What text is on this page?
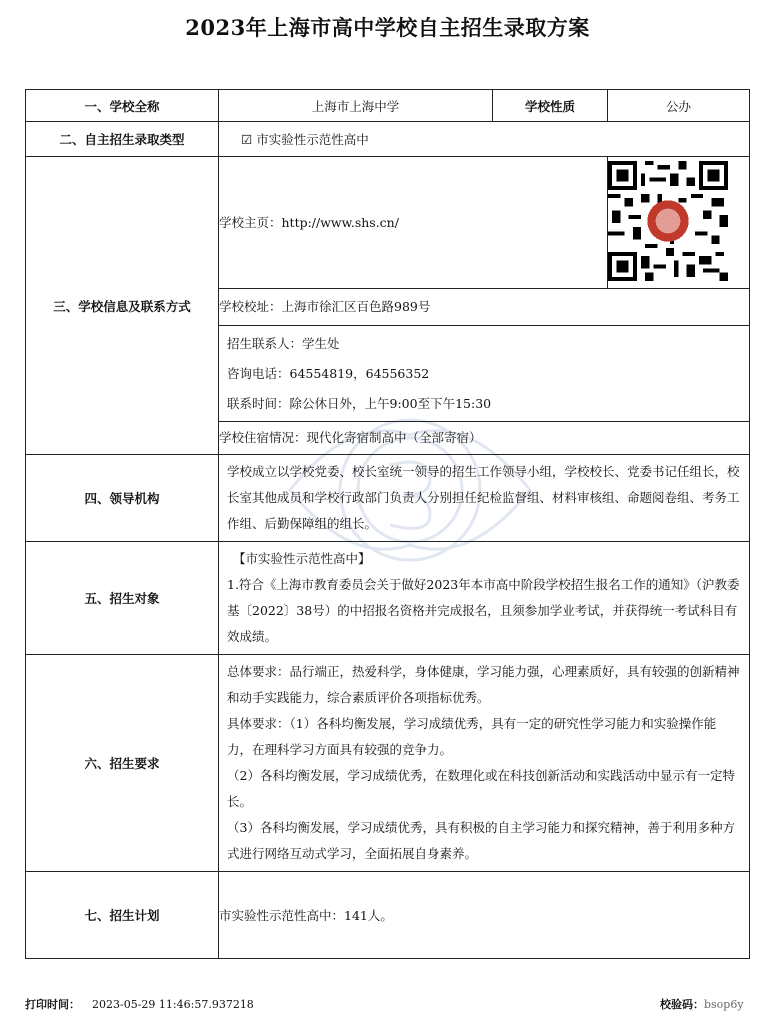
2023年上海市高中学校自主招生录取方案
一、学校全称	上海市上海中学	学校性质	公办
二、自主招生录取类型	☑ 市实验性示范性高中		
三、学校信息及联系方式	学校主页：http://www.shs.cn/	
	学校校址：上海市徐汇区百色路989号		

	招生联系人：学生处
咨询电话：64554819，64556352
联系时间：除公休日外，上午9:00至下午15:30		

	学校住宿情况：现代化寄宿制高中（全部寄宿）		
四、领导机构	学校成立以学校党委、校长室统一领导的招生工作领导小组，学校校长、党委书记任组长，校长室其他成员和学校行政部门负责人分别担任纪检监督组、材料审核组、命题阅卷组、考务工作组、后勤保障组的组长。		

五、招生对象	【市实验性示范性高中】
1.符合《上海市教育委员会关于做好2023年本市高中阶段学校招生报名工作的通知》（沪教委基〔2022〕38号）的中招报名资格并完成报名，且须参加学业考试，并获得统一考试科目有效成绩。		

六、招生要求	总体要求：品行端正，热爱科学，身体健康，学习能力强，心理素质好，具有较强的创新精神和动手实践能力，综合素质评价各项指标优秀。
具体要求：（1）各科均衡发展，学习成绩优秀，具有一定的研究性学习能力和实验操作能力，在理科学习方面具有较强的竞争力。
（2）各科均衡发展，学习成绩优秀，在数理化或在科技创新活动和实践活动中显示有一定特长。
（3）各科均衡发展，学习成绩优秀，具有积极的自主学习能力和探究精神，善于利用多种方式进行网络互动式学习，全面拓展自身素养。		

七、招生计划	市实验性示范性高中：141人。		
打印时间： 2023-05-29 11:46:57.937218	校验码：bsop6y
